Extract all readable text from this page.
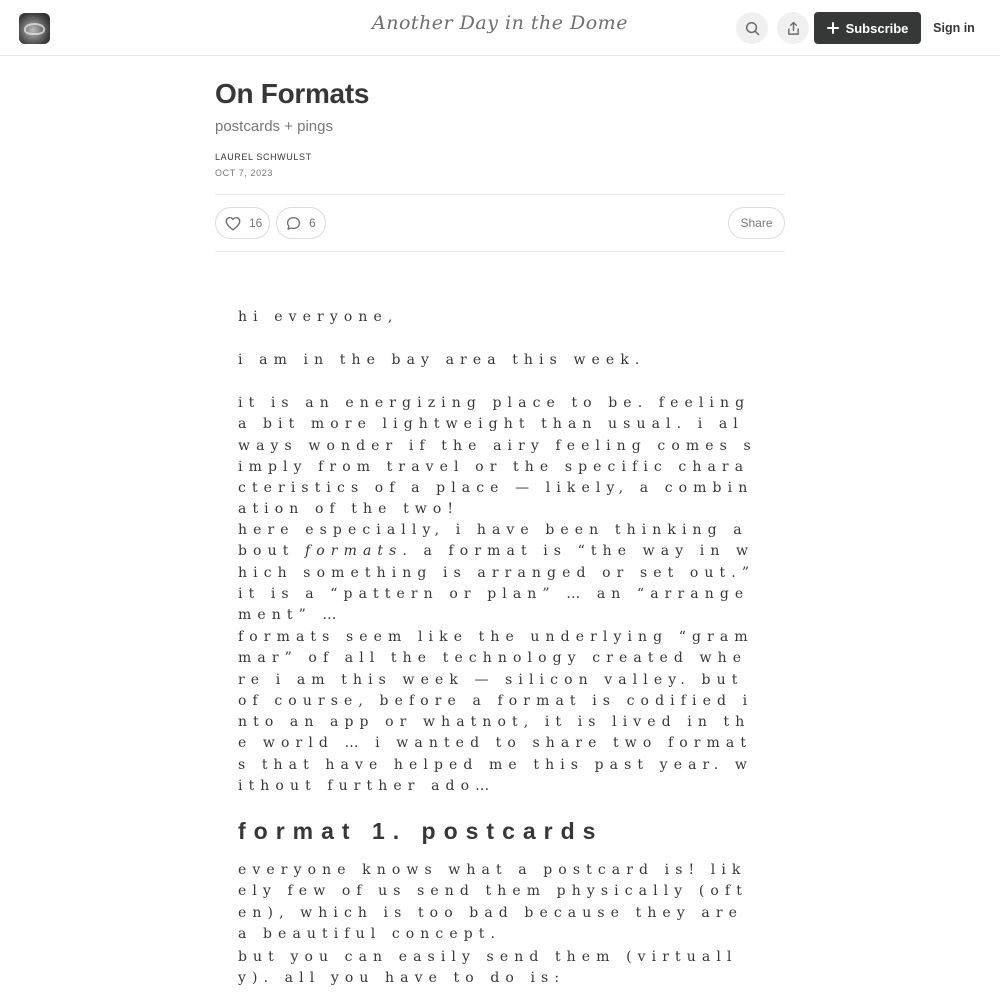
Another Day in the Dome	Subscribe	Sign in
On Formats
postcards + pings
LAUREL SCHWULST
OCT 7, 2023
16	6	Share

hi everyone,

i am in the bay area this week.

it is an energizing place to be. feeling a bit more lightweight than usual. i always wonder if the airy feeling comes simply from travel or the specific characteristics of a place — likely, a combination of the two!

here especially, i have been thinking about formats. a format is “the way in which something is arranged or set out.” it is a “pattern or plan” … an “arrangement” …

formats seem like the underlying “grammar” of all the technology created where i am this week — silicon valley. but of course, before a format is codified into an app or whatnot, it is lived in the world … i wanted to share two formats that have helped me this past year. without further ado…

format 1. postcards

everyone knows what a postcard is! likely few of us send them physically (often), which is too bad because they are a beautiful concept.

but you can easily send them (virtually). all you have to do is:
